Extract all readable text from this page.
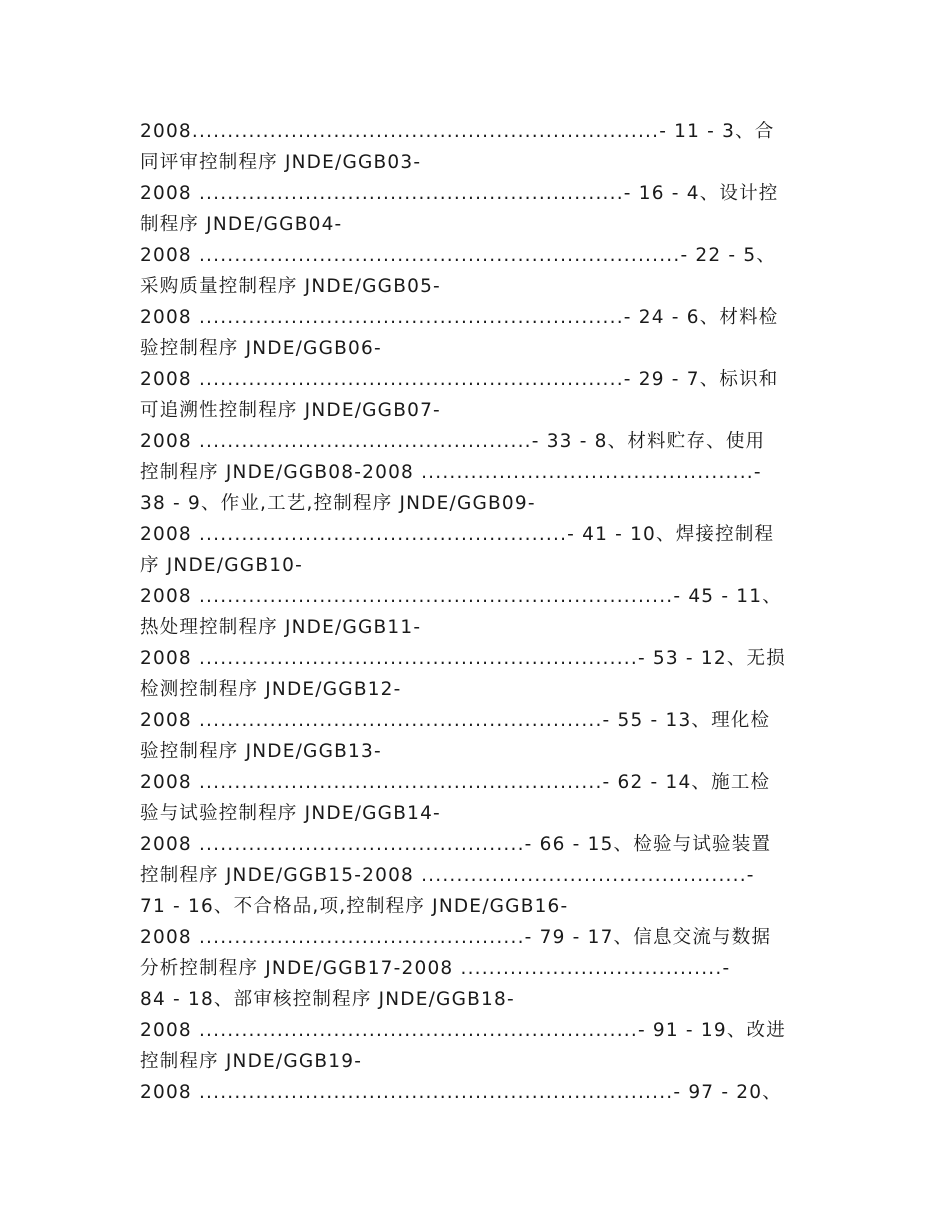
2008..................................................................- 11 - 3、合
同评审控制程序 JNDE/GGB03-
2008 ............................................................- 16 - 4、设计控
制程序 JNDE/GGB04-
2008 ....................................................................- 22 - 5、
采购质量控制程序 JNDE/GGB05-
2008 ............................................................- 24 - 6、材料检
验控制程序 JNDE/GGB06-
2008 ............................................................- 29 - 7、标识和
可追溯性控制程序 JNDE/GGB07-
2008 ...............................................- 33 - 8、材料贮存、使用
控制程序 JNDE/GGB08-2008 ...............................................-
38 - 9、作业,工艺,控制程序 JNDE/GGB09-
2008 ....................................................- 41 - 10、焊接控制程
序 JNDE/GGB10-
2008 ...................................................................- 45 - 11、
热处理控制程序 JNDE/GGB11-
2008 ..............................................................- 53 - 12、无损
检测控制程序 JNDE/GGB12-
2008 .........................................................- 55 - 13、理化检
验控制程序 JNDE/GGB13-
2008 .........................................................- 62 - 14、施工检
验与试验控制程序 JNDE/GGB14-
2008 ..............................................- 66 - 15、检验与试验装置
控制程序 JNDE/GGB15-2008 ..............................................-
71 - 16、不合格品,项,控制程序 JNDE/GGB16-
2008 ..............................................- 79 - 17、信息交流与数据
分析控制程序 JNDE/GGB17-2008 .....................................-
84 - 18、部审核控制程序 JNDE/GGB18-
2008 ..............................................................- 91 - 19、改进
控制程序 JNDE/GGB19-
2008 ...................................................................- 97 - 20、
